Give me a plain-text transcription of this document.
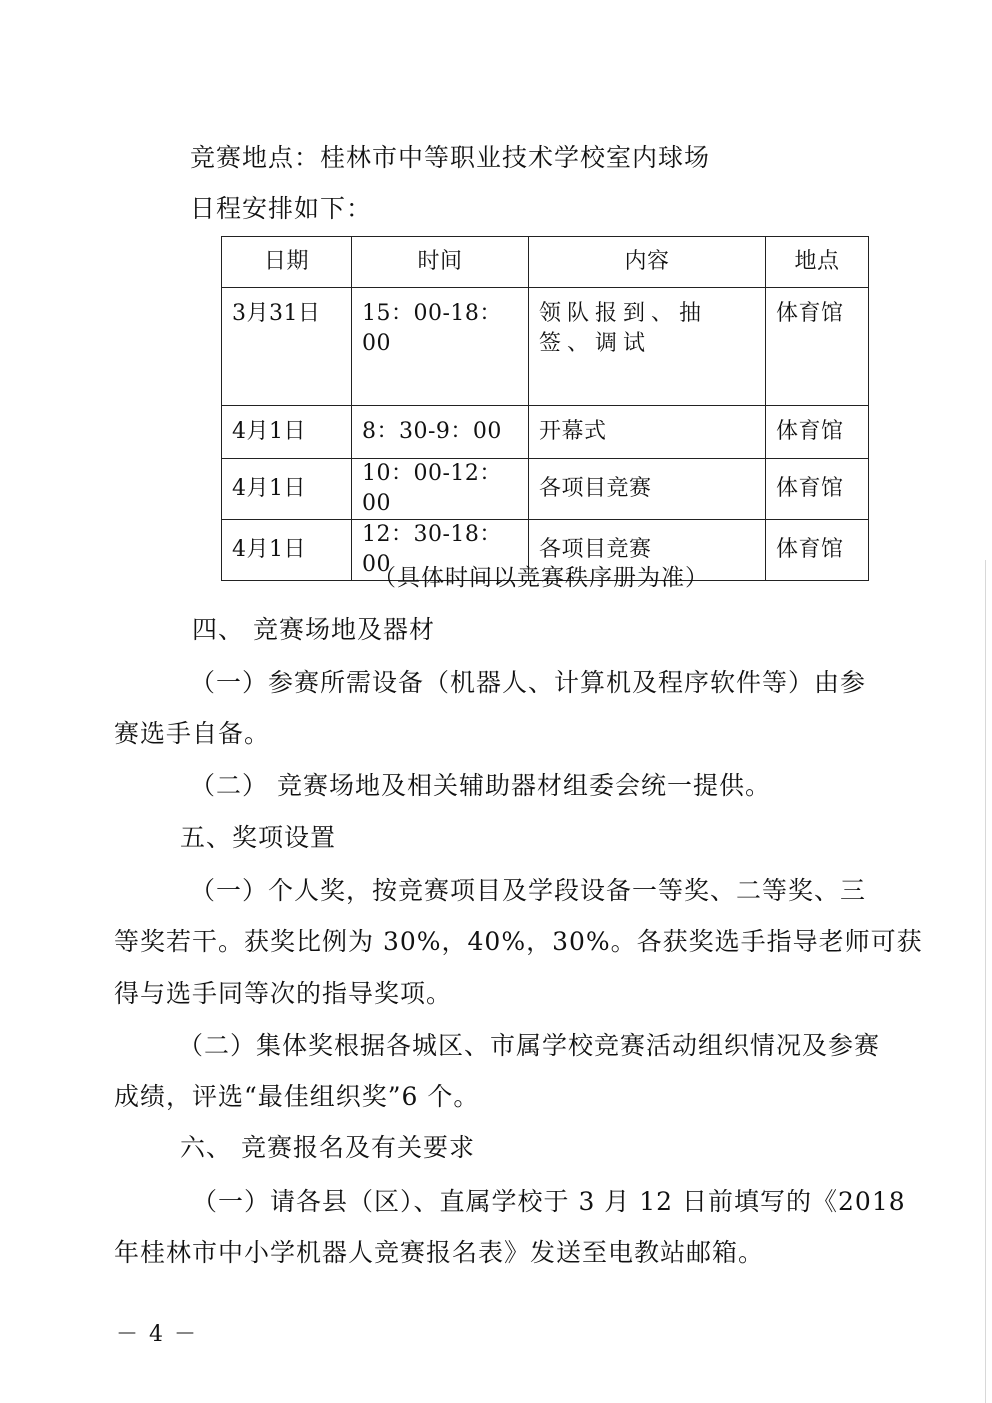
竞赛地点：桂林市中等职业技术学校室内球场
日程安排如下：
日期	时间	内容	地点
3月31日	15：00-18：00	领队报到、抽签、调试	体育馆
4月1日	8：30-9：00	开幕式	体育馆
4月1日	10：00-12：00	各项目竞赛	体育馆
4月1日	12：30-18：00	各项目竞赛	体育馆
（具体时间以竞赛秩序册为准）
四、 竞赛场地及器材
（一）参赛所需设备（机器人、计算机及程序软件等）由参
赛选手自备。
（二） 竞赛场地及相关辅助器材组委会统一提供。
五、奖项设置
（一）个人奖，按竞赛项目及学段设备一等奖、二等奖、三
等奖若干。获奖比例为 30%，40%，30%。各获奖选手指导老师可获
得与选手同等次的指导奖项。
（二）集体奖根据各城区、市属学校竞赛活动组织情况及参赛
成绩，评选“最佳组织奖”6 个。
六、 竞赛报名及有关要求
（一）请各县（区）、直属学校于 3 月 12 日前填写的《2018
年桂林市中小学机器人竞赛报名表》发送至电教站邮箱。
－ 4 －
